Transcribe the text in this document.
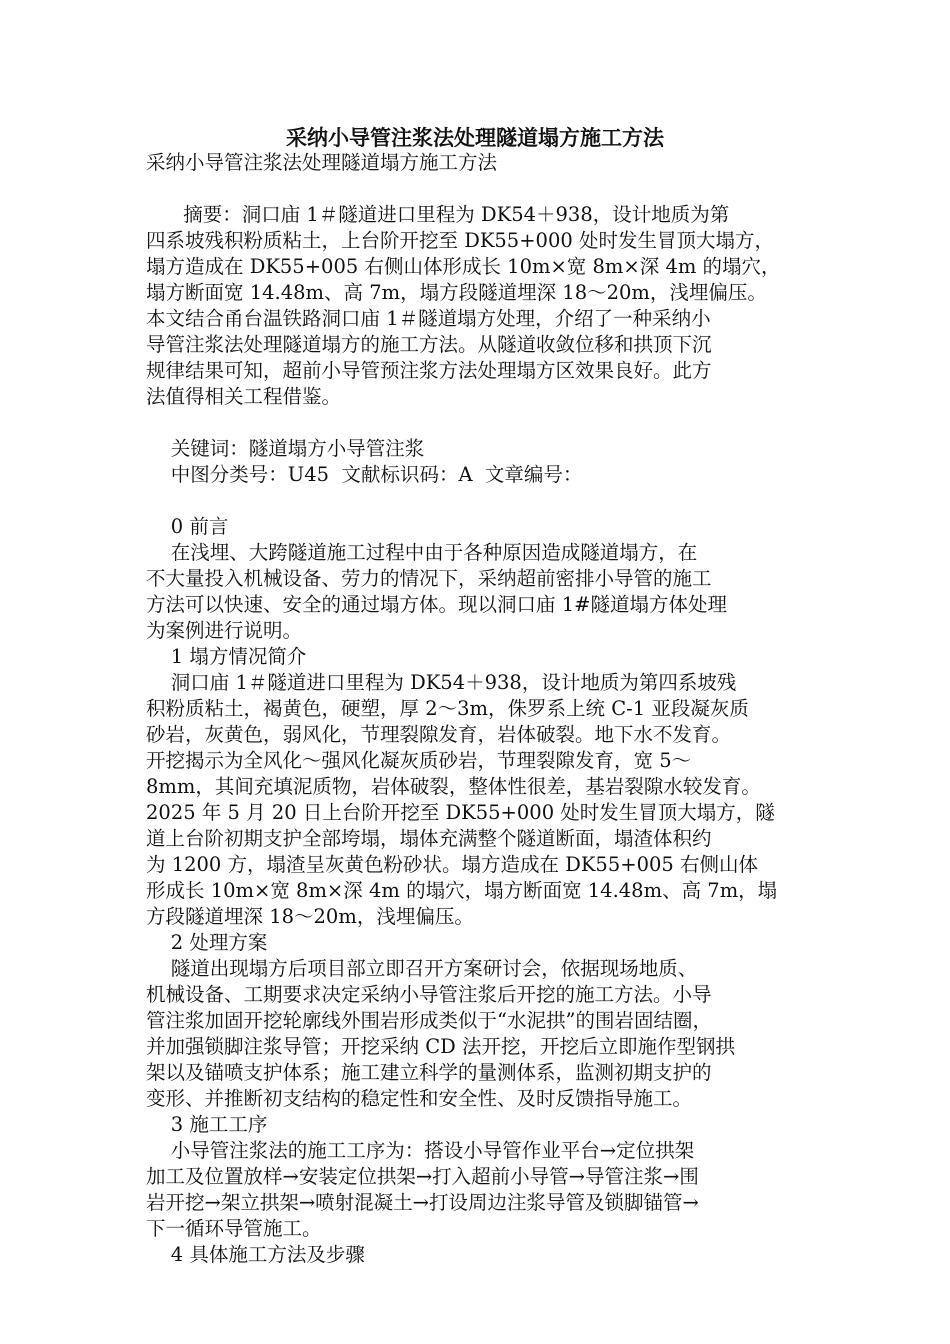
采纳小导管注浆法处理隧道塌方施工方法
采纳小导管注浆法处理隧道塌方施工方法
摘要：洞口庙 1＃隧道进口里程为 DK54＋938，设计地质为第
四系坡残积粉质粘土，上台阶开挖至 DK55+000 处时发生冒顶大塌方，
塌方造成在 DK55+005 右侧山体形成长 10m×宽 8m×深 4m 的塌穴，
塌方断面宽 14.48m、高 7m，塌方段隧道埋深 18～20m，浅埋偏压。
本文结合甬台温铁路洞口庙 1＃隧道塌方处理，介绍了一种采纳小
导管注浆法处理隧道塌方的施工方法。从隧道收敛位移和拱顶下沉
规律结果可知，超前小导管预注浆方法处理塌方区效果良好。此方
法值得相关工程借鉴。
关键词：隧道塌方小导管注浆
中图分类号：U45  文献标识码：A  文章编号：
0 前言
在浅埋、大跨隧道施工过程中由于各种原因造成隧道塌方，在
不大量投入机械设备、劳力的情况下，采纳超前密排小导管的施工
方法可以快速、安全的通过塌方体。现以洞口庙 1#隧道塌方体处理
为案例进行说明。
1 塌方情况简介
洞口庙 1＃隧道进口里程为 DK54＋938，设计地质为第四系坡残
积粉质粘土，褐黄色，硬塑，厚 2～3m，侏罗系上统 C-1 亚段凝灰质
砂岩，灰黄色，弱风化，节理裂隙发育，岩体破裂。地下水不发育。
开挖揭示为全风化～强风化凝灰质砂岩，节理裂隙发育，宽 5～
8mm，其间充填泥质物，岩体破裂，整体性很差，基岩裂隙水较发育。
2025 年 5 月 20 日上台阶开挖至 DK55+000 处时发生冒顶大塌方，隧
道上台阶初期支护全部垮塌，塌体充满整个隧道断面，塌渣体积约
为 1200 方，塌渣呈灰黄色粉砂状。塌方造成在 DK55+005 右侧山体
形成长 10m×宽 8m×深 4m 的塌穴，塌方断面宽 14.48m、高 7m，塌
方段隧道埋深 18～20m，浅埋偏压。
2 处理方案
隧道出现塌方后项目部立即召开方案研讨会，依据现场地质、
机械设备、工期要求决定采纳小导管注浆后开挖的施工方法。小导
管注浆加固开挖轮廓线外围岩形成类似于“水泥拱”的围岩固结圈，
并加强锁脚注浆导管；开挖采纳 CD 法开挖，开挖后立即施作型钢拱
架以及锚喷支护体系；施工建立科学的量测体系，监测初期支护的
变形、并推断初支结构的稳定性和安全性、及时反馈指导施工。
3 施工工序
小导管注浆法的施工工序为：搭设小导管作业平台→定位拱架
加工及位置放样→安装定位拱架→打入超前小导管→导管注浆→围
岩开挖→架立拱架→喷射混凝土→打设周边注浆导管及锁脚锚管→
下一循环导管施工。
4 具体施工方法及步骤
